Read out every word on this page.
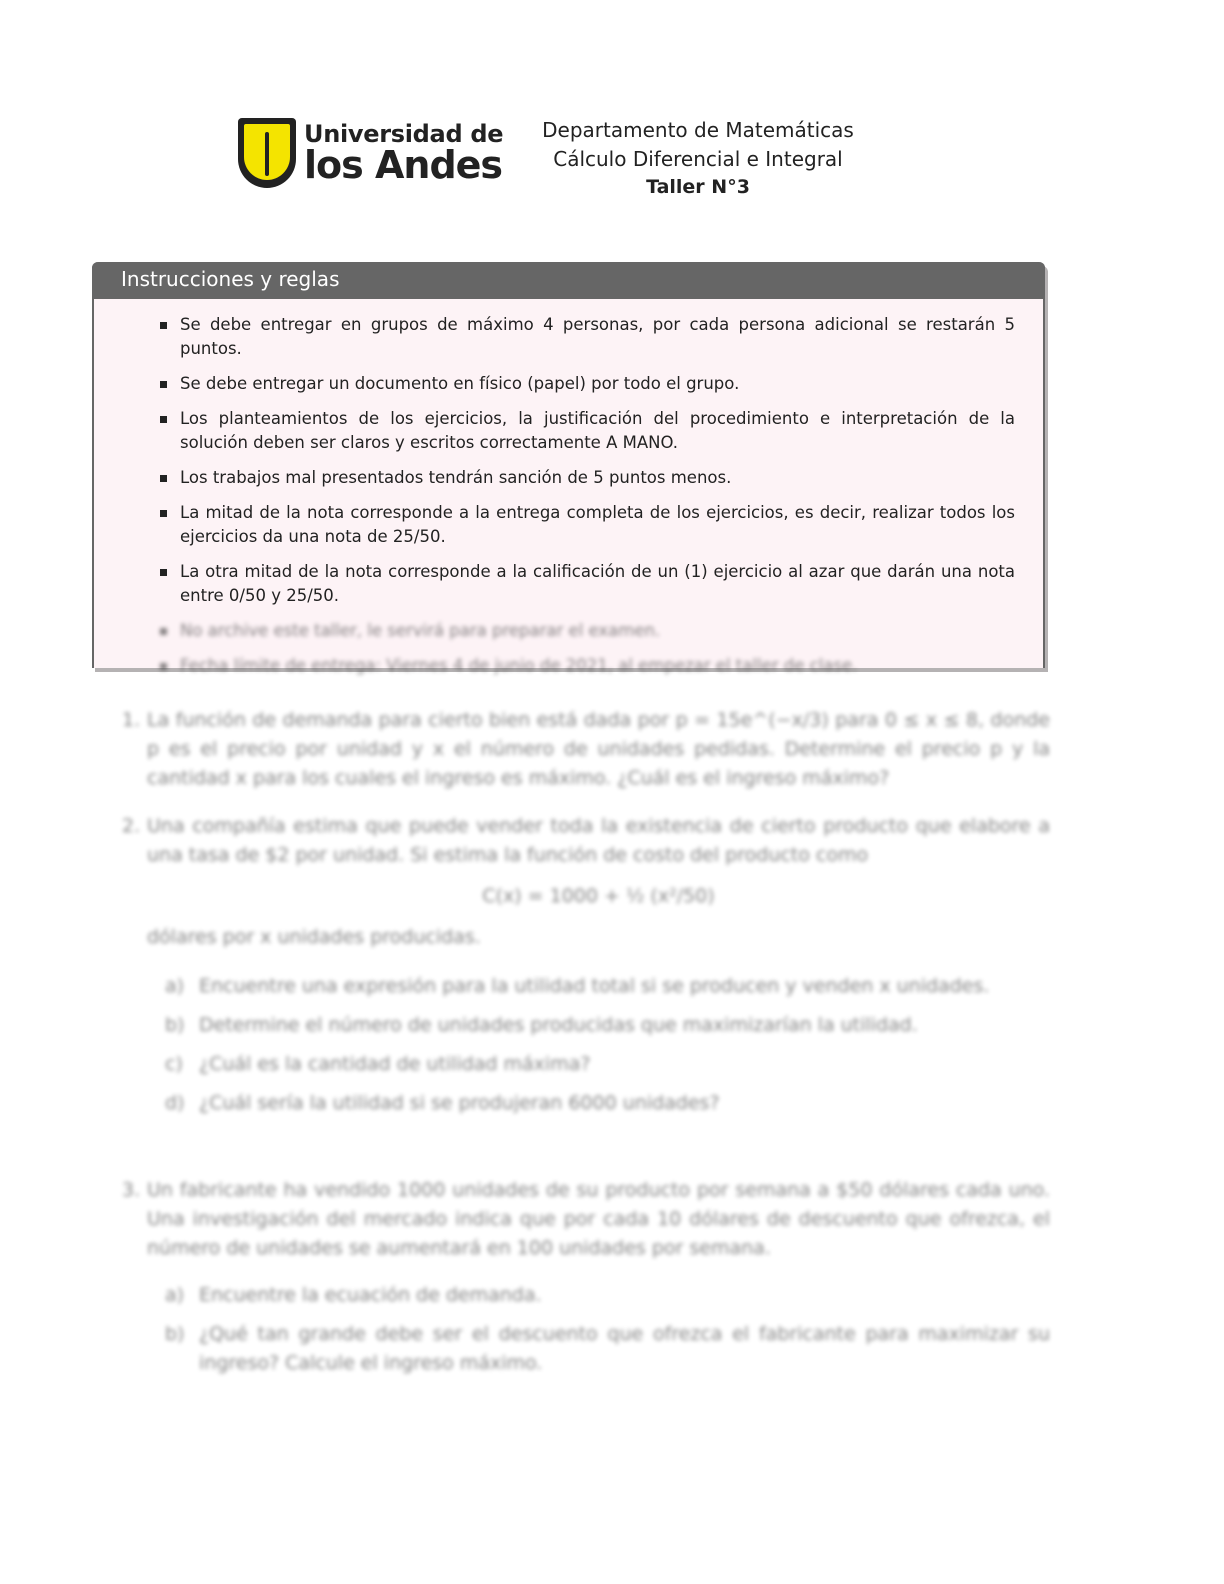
Universidad de
los Andes
Departamento de Matemáticas
Cálculo Diferencial e Integral
Taller N°3
Instrucciones y reglas
Se debe entregar en grupos de máximo 4 personas, por cada persona adicional se restarán 5 puntos.
Se debe entregar un documento en físico (papel) por todo el grupo.
Los planteamientos de los ejercicios, la justificación del procedimiento e interpretación de la solución deben ser claros y escritos correctamente A MANO.
Los trabajos mal presentados tendrán sanción de 5 puntos menos.
La mitad de la nota corresponde a la entrega completa de los ejercicios, es decir, realizar todos los ejercicios da una nota de 25/50.
La otra mitad de la nota corresponde a la calificación de un (1) ejercicio al azar que darán una nota entre 0/50 y 25/50.
No archive este taller, le servirá para preparar el examen.
Fecha límite de entrega: Viernes 4 de junio de 2021, al empezar el taller de clase.
1. La función de demanda para cierto bien está dada por p = 15e^(−x/3) para 0 ≤ x ≤ 8, donde p es el precio por unidad y x el número de unidades pedidas. Determine el precio p y la cantidad x para los cuales el ingreso es máximo. ¿Cuál es el ingreso máximo?
2. Una compañía estima que puede vender toda la existencia de cierto producto que elabore a una tasa de $2 por unidad. Si estima la función de costo del producto como
C(x) = 1000 + ½ (x²/50)
dólares por x unidades producidas.
a) Encuentre una expresión para la utilidad total si se producen y venden x unidades.
b) Determine el número de unidades producidas que maximizarían la utilidad.
c) ¿Cuál es la cantidad de utilidad máxima?
d) ¿Cuál sería la utilidad si se produjeran 6000 unidades?
3. Un fabricante ha vendido 1000 unidades de su producto por semana a $50 dólares cada uno. Una investigación del mercado indica que por cada 10 dólares de descuento que ofrezca, el número de unidades se aumentará en 100 unidades por semana.
a) Encuentre la ecuación de demanda.
b) ¿Qué tan grande debe ser el descuento que ofrezca el fabricante para maximizar su ingreso? Calcule el ingreso máximo.
